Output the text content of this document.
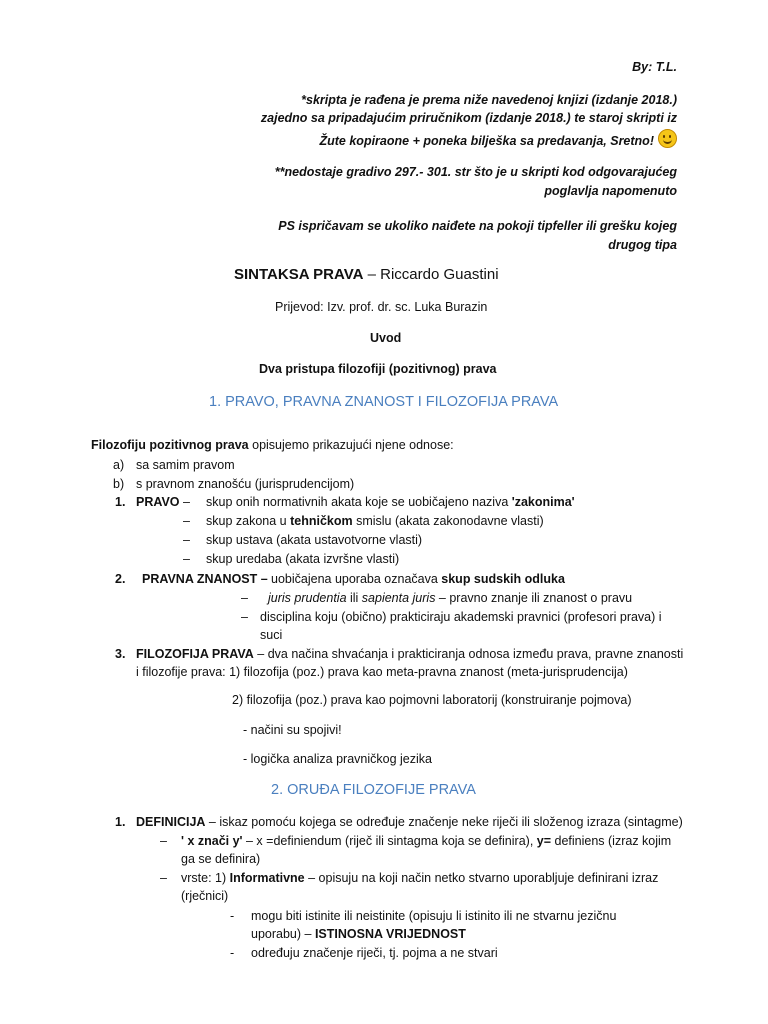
By: T.L.
*skripta je rađena je prema niže navedenoj knjizi (izdanje 2018.)
zajedno sa pripadajućim priručnikom (izdanje 2018.) te starој skripti iz
Žute kopiraone + poneka bilješka sa predavanja, Sretno!
**nedostaje gradivo 297.- 301. str što je u skripti kod odgovarajućeg
poglavlja napomenuto
PS ispričavam se ukoliko naiđete na pokoji tipfeller ili grešku kojeg
drugog tipa
SINTAKSA PRAVA – Riccardo Guastini
Prijevod: Izv. prof. dr. sc. Luka Burazin
Uvod
Dva pristupa filozofiji (pozitivnog) prava
1. PRAVO, PRAVNA ZNANOST I FILOZOFIJA PRAVA
Filozofiju pozitivnog prava opisujemo prikazujući njene odnose:
a) sa samim pravom
b) s pravnom znanošću (jurisprudencijom)
1. PRAVO – skup onih normativnih akata koje se uobičajeno naziva 'zakonima'
– skup zakona u tehničkom smislu (akata zakonodavne vlasti)
– skup ustava (akata ustavotvorne vlasti)
– skup uredaba (akata izvršne vlasti)
2. PRAVNA ZNANOST – uobičajena uporaba označava skup sudskih odluka
– juris prudentia ili sapienta juris – pravno znanje ili znanost o pravu
– disciplina koju (obično) prakticiraju akademski pravnici (profesori prava) i
suci
3. FILOZOFIJA PRAVA – dva načina shvaćanja i prakticiranja odnosa između prava, pravne znanosti
i filozofije prava: 1) filozofija (poz.) prava kao meta-pravna znanost (meta-jurisprudencija)
2) filozofija (poz.) prava kao pojmovni laboratorij (konstruiranje pojmova)
- načini su spojivi!
- logička analiza pravničkog jezika
2. ORUĐA FILOZOFIJE PRAVA
1. DEFINICIJA – iskaz pomoću kojega se određuje značenje neke riječi ili složenog izraza (sintagme)
– ' x znači y' – x =definiendum (riječ ili sintagma koja se definira), y= definiens (izraz kojim
ga se definira)
– vrste: 1) Informativne – opisuju na koji način netko stvarno uporabljuje definirani izraz
(rječnici)
- mogu biti istinite ili neistinite (opisuju li istinito ili ne stvarnu jezičnu
uporabu) – ISTINOSNA VRIJEDNOST
- određuju značenje riječi, tj. pojma a ne stvari
